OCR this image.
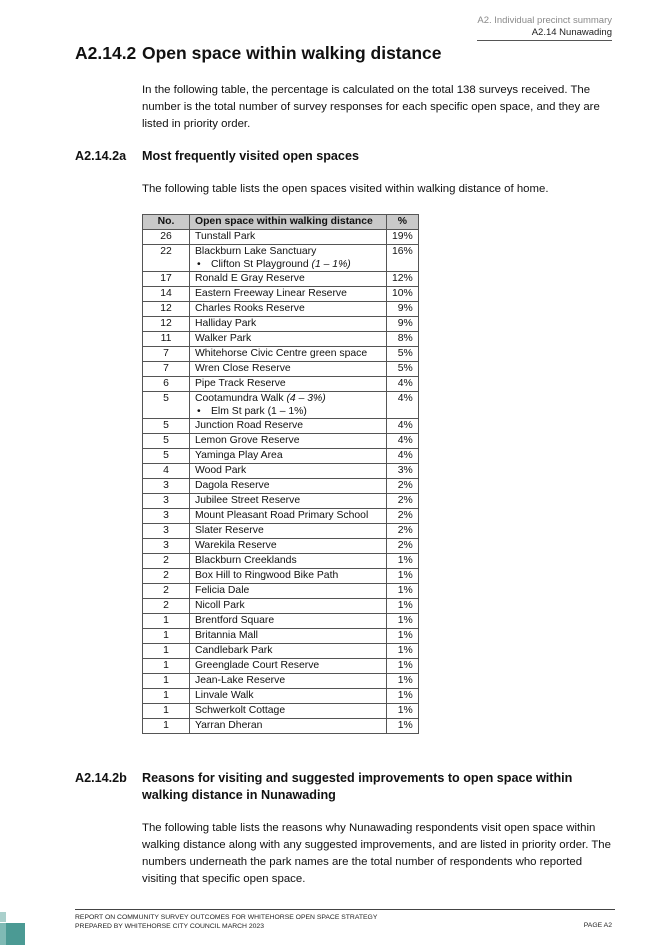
A2. Individual precinct summary
A2.14 Nunawading
A2.14.2 Open space within walking distance
In the following table, the percentage is calculated on the total 138 surveys received. The number is the total number of survey responses for each specific open space, and they are listed in priority order.
A2.14.2a Most frequently visited open spaces
The following table lists the open spaces visited within walking distance of home.
No.	Open space within walking distance	%
26	Tunstall Park	19%
22	Blackburn Lake Sanctuary
• Clifton St Playground (1 – 1%)	16%
17	Ronald E Gray Reserve	12%
14	Eastern Freeway Linear Reserve	10%
12	Charles Rooks Reserve	9%
12	Halliday Park	9%
11	Walker Park	8%
7	Whitehorse Civic Centre green space	5%
7	Wren Close Reserve	5%
6	Pipe Track Reserve	4%
5	Cootamundra Walk (4 – 3%)
• Elm St park (1 – 1%)	4%
5	Junction Road Reserve	4%
5	Lemon Grove Reserve	4%
5	Yaminga Play Area	4%
4	Wood Park	3%
3	Dagola Reserve	2%
3	Jubilee Street Reserve	2%
3	Mount Pleasant Road Primary School	2%
3	Slater Reserve	2%
3	Warekila Reserve	2%
2	Blackburn Creeklands	1%
2	Box Hill to Ringwood Bike Path	1%
2	Felicia Dale	1%
2	Nicoll Park	1%
1	Brentford Square	1%
1	Britannia Mall	1%
1	Candlebark Park	1%
1	Greenglade Court Reserve	1%
1	Jean-Lake Reserve	1%
1	Linvale Walk	1%
1	Schwerkolt Cottage	1%
1	Yarran Dheran	1%
A2.14.2b Reasons for visiting and suggested improvements to open space within walking distance in Nunawading
The following table lists the reasons why Nunawading respondents visit open space within walking distance along with any suggested improvements, and are listed in priority order. The numbers underneath the park names are the total number of respondents who reported visiting that specific open space.
REPORT ON COMMUNITY SURVEY OUTCOMES FOR WHITEHORSE OPEN SPACE STRATEGY
PREPARED BY WHITEHORSE CITY COUNCIL MARCH 2023	PAGE A2
